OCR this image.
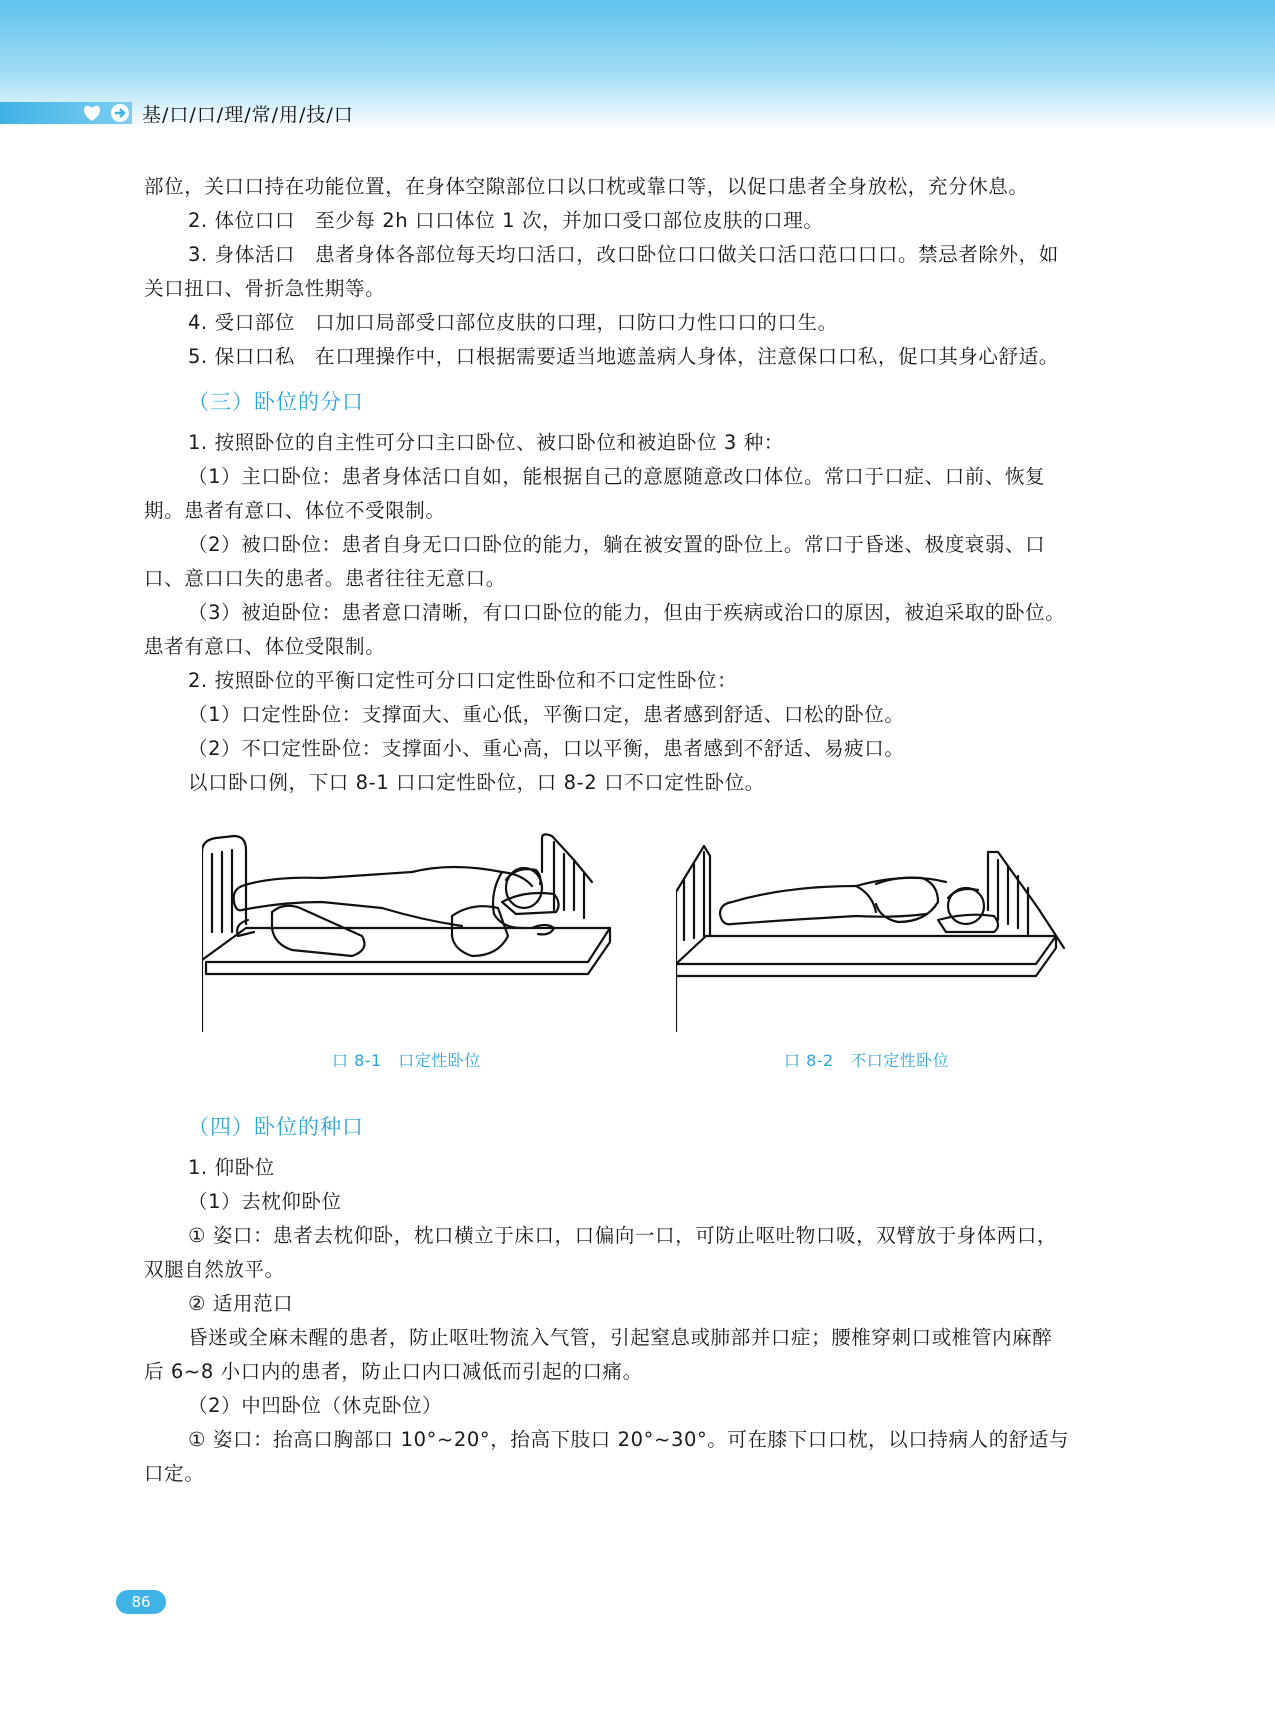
基/口/口/理/常/用/技/口

部位，关口口持在功能位置，在身体空隙部位口以口枕或靠口等，以促口患者全身放松，充分休息。

2. 体位口口　至少每 2h 口口体位 1 次，并加口受口部位皮肤的口理。

3. 身体活口　患者身体各部位每天均口活口，改口卧位口口做关口活口范口口口。禁忌者除外，如

关口扭口、骨折急性期等。

4. 受口部位　口加口局部受口部位皮肤的口理，口防口力性口口的口生。

5. 保口口私　在口理操作中，口根据需要适当地遮盖病人身体，注意保口口私，促口其身心舒适。

（三）卧位的分口

1. 按照卧位的自主性可分口主口卧位、被口卧位和被迫卧位 3 种：

（1）主口卧位：患者身体活口自如，能根据自己的意愿随意改口体位。常口于口症、口前、恢复

期。患者有意口、体位不受限制。

（2）被口卧位：患者自身无口口卧位的能力，躺在被安置的卧位上。常口于昏迷、极度衰弱、口

口、意口口失的患者。患者往往无意口。

（3）被迫卧位：患者意口清晰，有口口卧位的能力，但由于疾病或治口的原因，被迫采取的卧位。

患者有意口、体位受限制。

2. 按照卧位的平衡口定性可分口口定性卧位和不口定性卧位：

（1）口定性卧位：支撑面大、重心低，平衡口定，患者感到舒适、口松的卧位。

（2）不口定性卧位：支撑面小、重心高，口以平衡，患者感到不舒适、易疲口。

以口卧口例，下口 8-1 口口定性卧位，口 8-2 口不口定性卧位。

口 8-1　口定性卧位	口 8-2　不口定性卧位
（四）卧位的种口

1. 仰卧位

（1）去枕仰卧位

① 姿口：患者去枕仰卧，枕口横立于床口，口偏向一口，可防止呕吐物口吸，双臂放于身体两口，

双腿自然放平。

② 适用范口

昏迷或全麻未醒的患者，防止呕吐物流入气管，引起窒息或肺部并口症；腰椎穿刺口或椎管内麻醉

后 6~8 小口内的患者，防止口内口减低而引起的口痛。

（2）中凹卧位（休克卧位）

① 姿口：抬高口胸部口 10°~20°，抬高下肢口 20°~30°。可在膝下口口枕，以口持病人的舒适与

口定。

86
